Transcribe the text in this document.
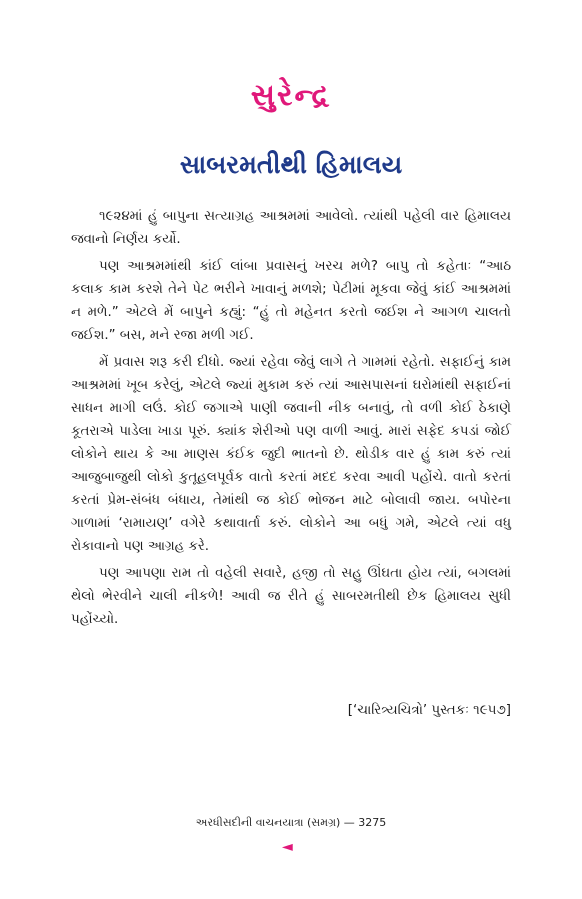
સુરેન્દ્ર
સાબરમતીથી હિમાલય

૧૯૨૪માં હું બાપુના સત્યાગ્રહ આશ્રમમાં આવેલો. ત્યાંથી પહેલી વાર હિમાલય જવાનો નિર્ણય કર્યો.

પણ આશ્રમમાંથી કાંઈ લાંબા પ્રવાસનું ખરચ મળે? બાપુ તો કહેતાઃ “આઠ કલાક કામ કરશે તેને પેટ ભરીને ખાવાનું મળશે; પેટીમાં મૂકવા જેવું કાંઈ આશ્રમમાં ન મળે.” એટલે મેં બાપુને કહ્યું: “હું તો મહેનત કરતો જઈશ ને આગળ ચાલતો જઈશ.” બસ, મને રજા મળી ગઈ.

મેં પ્રવાસ શરૂ કરી દીધો. જ્યાં રહેવા જેવું લાગે તે ગામમાં રહેતો. સફાઈનું કામ આશ્રમમાં ખૂબ કરેલું, એટલે જ્યાં મુકામ કરું ત્યાં આસપાસનાં ઘરોમાંથી સફાઈનાં સાધન માગી લઉં. કોઈ જગાએ પાણી જવાની નીક બનાવું, તો વળી કોઈ ઠેકાણે કૂતરાએ પાડેલા ખાડા પૂરું. ક્યાંક શેરીઓ પણ વાળી આવું. મારાં સફેદ કપડાં જોઈ લોકોને થાય કે આ માણસ કંઈક જુદી ભાતનો છે. થોડીક વાર હું કામ કરું ત્યાં આજુબાજુથી લોકો કુતૂહલપૂર્વક વાતો કરતાં મદદ કરવા આવી પહોંચે. વાતો કરતાં કરતાં પ્રેમ-સંબંધ બંધાય, તેમાંથી જ કોઈ ભોજન માટે બોલાવી જાય. બપોરના ગાળામાં ‘રામાયણ’ વગેરે કથાવાર્તા કરું. લોકોને આ બધું ગમે, એટલે ત્યાં વધુ રોકાવાનો પણ આગ્રહ કરે.

પણ આપણા રામ તો વહેલી સવારે, હજી તો સહુ ઊંઘતા હોય ત્યાં, બગલમાં થેલો ભેરવીને ચાલી નીકળે! આવી જ રીતે હું સાબરમતીથી છેક હિમાલય સુધી પહોંચ્યો.

[‘ચારિત્ર્યચિત્રો’ પુસ્તકઃ ૧૯૫૭]
અરધીસદીની વાચનયાત્રા (સમગ્ર) — 3275
◄
